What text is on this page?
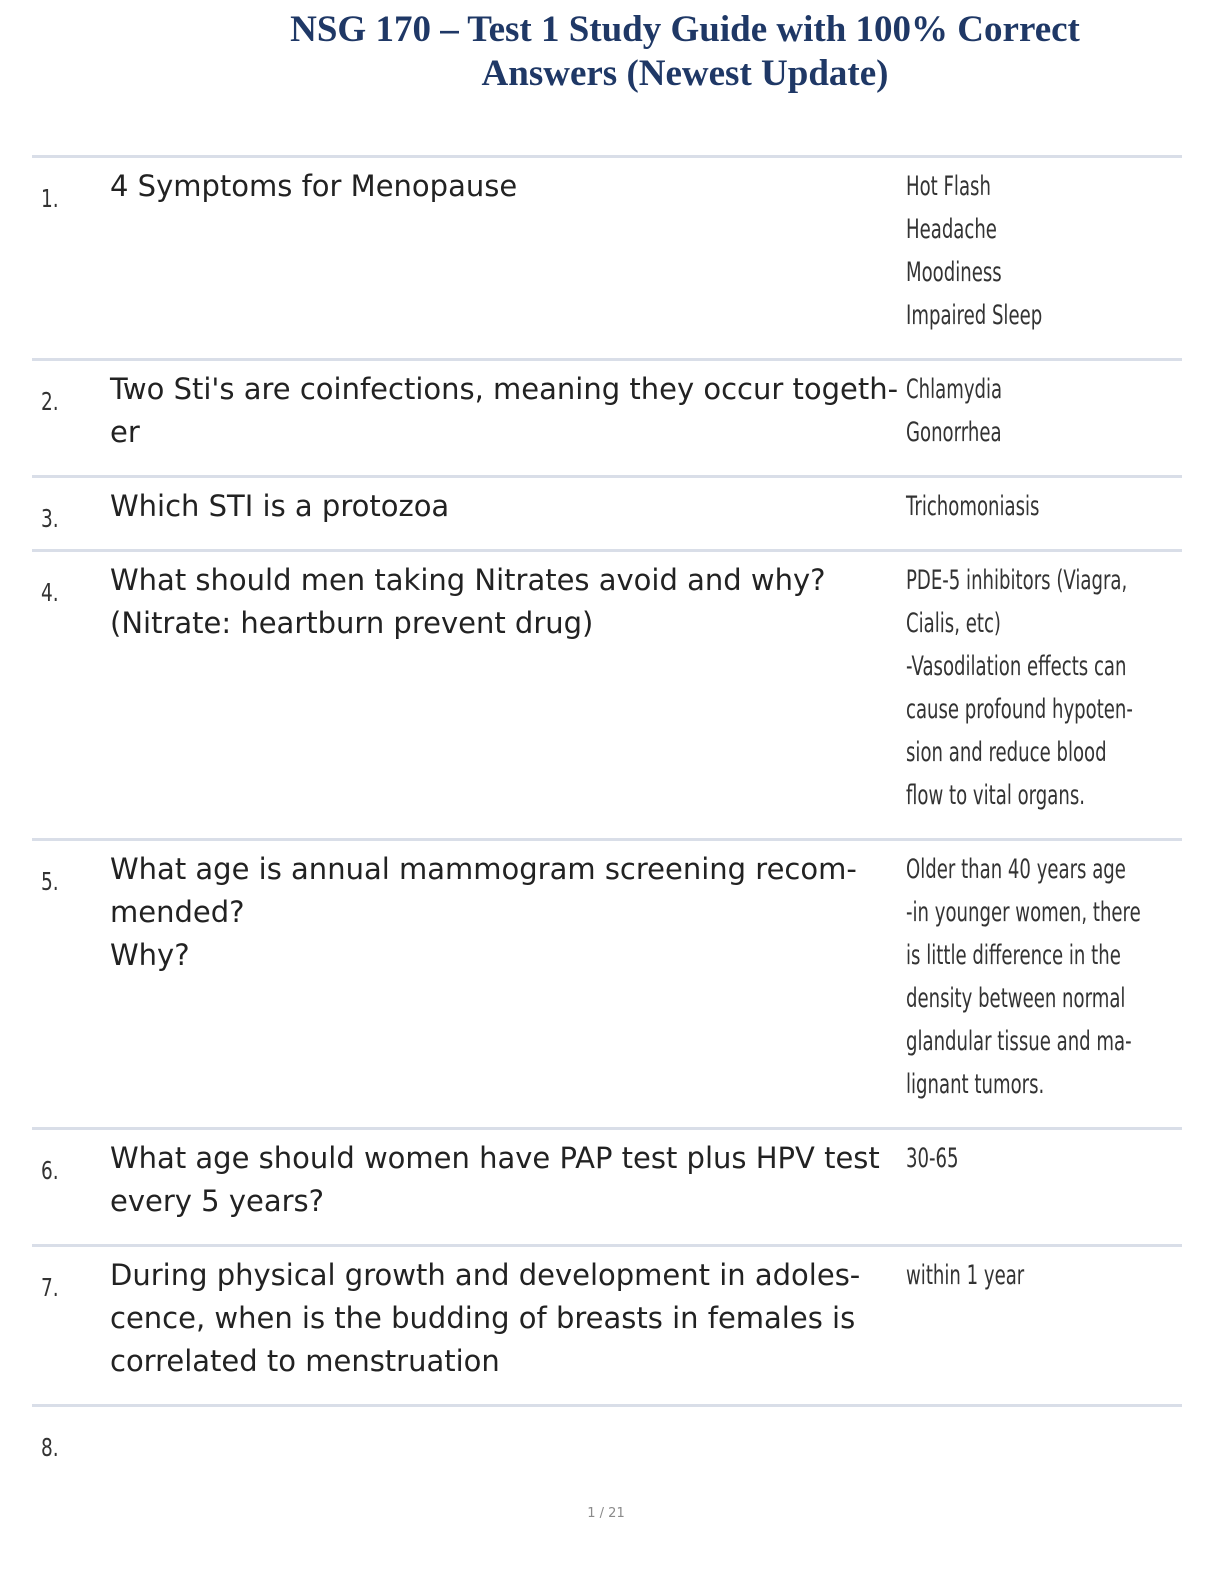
NSG 170 – Test 1 Study Guide with 100% Correct
Answers (Newest Update)
1. 4 Symptoms for Menopause	Hot Flash
Headache
Moodiness
Impaired Sleep
2. Two Sti's are coinfections, meaning they occur togeth-
er
Chlamydia
Gonorrhea
3. Which STI is a protozoa	Trichomoniasis
4. What should men taking Nitrates avoid and why?
(Nitrate: heartburn prevent drug)
PDE-5 inhibitors (Viagra,
Cialis, etc)
-Vasodilation effects can
cause profound hypoten-
sion and reduce blood
flow to vital organs.
5. What age is annual mammogram screening recom-
mended?
Why?
Older than 40 years age
-in younger women, there
is little difference in the
density between normal
glandular tissue and ma-
lignant tumors.
6. What age should women have PAP test plus HPV test
every 5 years?
30-65
7. During physical growth and development in adoles-
cence, when is the budding of breasts in females is
correlated to menstruation
within 1 year
8.
1 / 21
